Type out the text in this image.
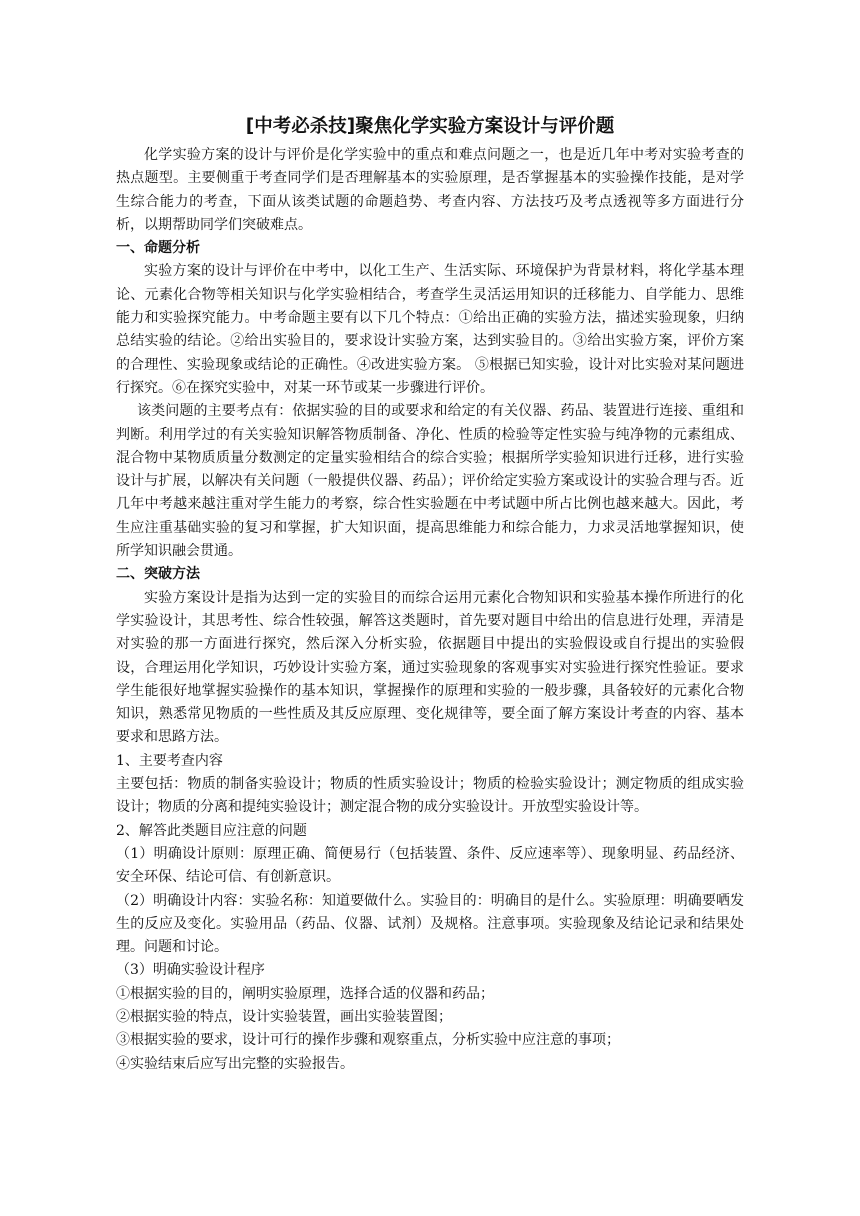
[中考必杀技]聚焦化学实验方案设计与评价题

化学实验方案的设计与评价是化学实验中的重点和难点问题之一，也是近几年中考对实验考查的热点题型。主要侧重于考查同学们是否理解基本的实验原理，是否掌握基本的实验操作技能，是对学生综合能力的考查，下面从该类试题的命题趋势、考查内容、方法技巧及考点透视等多方面进行分析，以期帮助同学们突破难点。

一、命题分析

实验方案的设计与评价在中考中，以化工生产、生活实际、环境保护为背景材料，将化学基本理论、元素化合物等相关知识与化学实验相结合，考查学生灵活运用知识的迁移能力、自学能力、思维能力和实验探究能力。中考命题主要有以下几个特点：①给出正确的实验方法，描述实验现象，归纳总结实验的结论。②给出实验目的，要求设计实验方案，达到实验目的。③给出实验方案，评价方案的合理性、实验现象或结论的正确性。④改进实验方案。 ⑤根据已知实验，设计对比实验对某问题进行探究。⑥在探究实验中，对某一环节或某一步骤进行评价。

该类问题的主要考点有：依据实验的目的或要求和给定的有关仪器、药品、装置进行连接、重组和判断。利用学过的有关实验知识解答物质制备、净化、性质的检验等定性实验与纯净物的元素组成、混合物中某物质质量分数测定的定量实验相结合的综合实验；根据所学实验知识进行迁移，进行实验设计与扩展，以解决有关问题（一般提供仪器、药品）；评价给定实验方案或设计的实验合理与否。近几年中考越来越注重对学生能力的考察，综合性实验题在中考试题中所占比例也越来越大。因此，考生应注重基础实验的复习和掌握，扩大知识面，提高思维能力和综合能力，力求灵活地掌握知识，使所学知识融会贯通。

二、突破方法

实验方案设计是指为达到一定的实验目的而综合运用元素化合物知识和实验基本操作所进行的化学实验设计，其思考性、综合性较强，解答这类题时，首先要对题目中给出的信息进行处理，弄清是对实验的那一方面进行探究，然后深入分析实验，依据题目中提出的实验假设或自行提出的实验假设，合理运用化学知识，巧妙设计实验方案，通过实验现象的客观事实对实验进行探究性验证。要求学生能很好地掌握实验操作的基本知识，掌握操作的原理和实验的一般步骤，具备较好的元素化合物知识，熟悉常见物质的一些性质及其反应原理、变化规律等，要全面了解方案设计考查的内容、基本要求和思路方法。

1、主要考查内容

主要包括：物质的制备实验设计；物质的性质实验设计；物质的检验实验设计；测定物质的组成实验设计；物质的分离和提纯实验设计；测定混合物的成分实验设计。开放型实验设计等。

2、解答此类题目应注意的问题

（1）明确设计原则：原理正确、简便易行（包括装置、条件、反应速率等）、现象明显、药品经济、安全环保、结论可信、有创新意识。

（2）明确设计内容：实验名称：知道要做什么。实验目的：明确目的是什么。实验原理：明确要哂发生的反应及变化。实验用品（药品、仪器、试剂）及规格。注意事项。实验现象及结论记录和结果处理。问题和讨论。

（3）明确实验设计程序

①根据实验的目的，阐明实验原理，选择合适的仪器和药品；

②根据实验的特点，设计实验装置，画出实验装置图；

③根据实验的要求，设计可行的操作步骤和观察重点，分析实验中应注意的事项；

④实验结束后应写出完整的实验报告。
